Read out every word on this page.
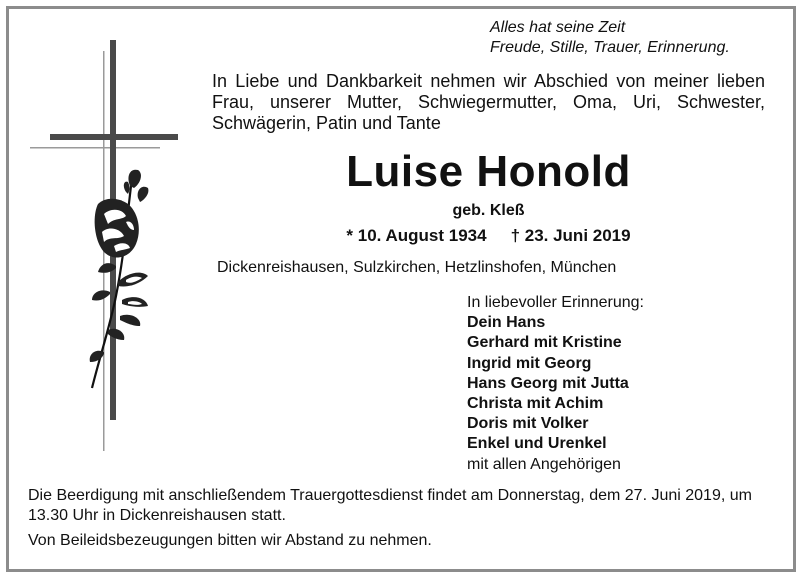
Alles hat seine Zeit
Freude, Stille, Trauer, Erinnerung.
In Liebe und Dankbarkeit nehmen wir Abschied von meiner lieben Frau, unserer Mutter, Schwiegermutter, Oma, Uri, Schwester, Schwägerin, Patin und Tante
Luise Honold
geb. Kleß
* 10. August 1934 † 23. Juni 2019
Dickenreishausen, Sulzkirchen, Hetzlinshofen, München
In liebevoller Erinnerung:
Dein Hans
Gerhard mit Kristine
Ingrid mit Georg
Hans Georg mit Jutta
Christa mit Achim
Doris mit Volker
Enkel und Urenkel
mit allen Angehörigen
Die Beerdigung mit anschließendem Trauergottesdienst findet am Donnerstag, dem 27. Juni 2019, um 13.30 Uhr in Dickenreishausen statt.
Von Beileidsbezeugungen bitten wir Abstand zu nehmen.
